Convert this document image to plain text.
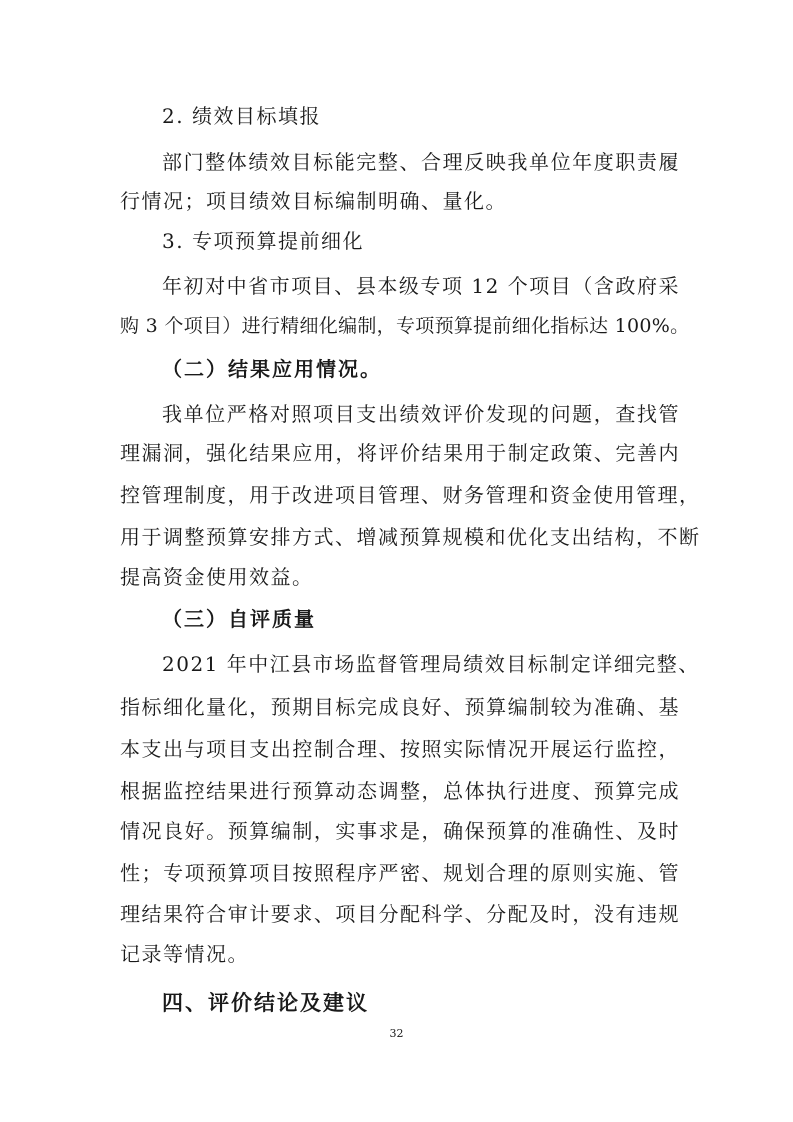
2. 绩效目标填报

部门整体绩效目标能完整、合理反映我单位年度职责履

行情况；项目绩效目标编制明确、量化。

3. 专项预算提前细化

年初对中省市项目、县本级专项 12 个项目（含政府采

购 3 个项目）进行精细化编制，专项预算提前细化指标达 100%。

（二）结果应用情况。

我单位严格对照项目支出绩效评价发现的问题，查找管

理漏洞，强化结果应用，将评价结果用于制定政策、完善内

控管理制度，用于改进项目管理、财务管理和资金使用管理，

用于调整预算安排方式、增减预算规模和优化支出结构，不断

提高资金使用效益。

（三）自评质量

2021 年中江县市场监督管理局绩效目标制定详细完整、

指标细化量化，预期目标完成良好、预算编制较为准确、基

本支出与项目支出控制合理、按照实际情况开展运行监控，

根据监控结果进行预算动态调整，总体执行进度、预算完成

情况良好。预算编制，实事求是，确保预算的准确性、及时

性；专项预算项目按照程序严密、规划合理的原则实施、管

理结果符合审计要求、项目分配科学、分配及时，没有违规

记录等情况。

四、评价结论及建议

32
